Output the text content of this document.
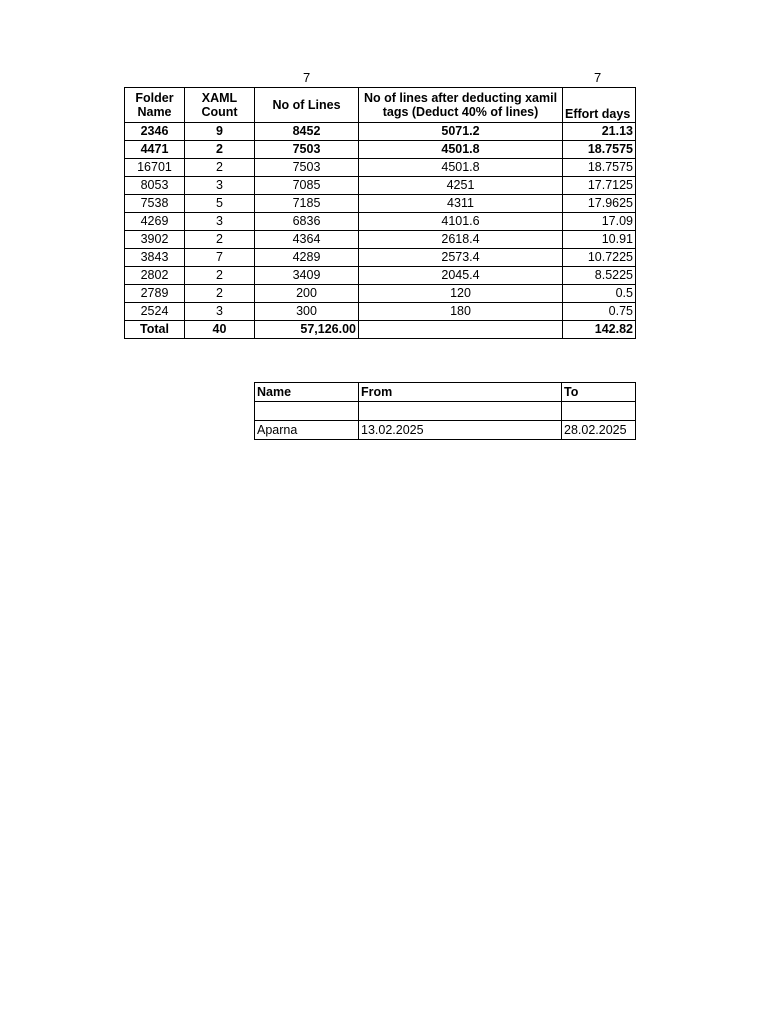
7	7
Folder Name	XAML Count	No of Lines	No of lines after deducting xamil tags (Deduct 40% of lines)	Effort days
2346	9	8452	5071.2	21.13
4471	2	7503	4501.8	18.7575
16701	2	7503	4501.8	18.7575
8053	3	7085	4251	17.7125
7538	5	7185	4311	17.9625
4269	3	6836	4101.6	17.09
3902	2	4364	2618.4	10.91
3843	7	4289	2573.4	10.7225
2802	2	3409	2045.4	8.5225
2789	2	200	120	0.5
2524	3	300	180	0.75
Total	40	57,126.00		142.82
Name	From	To

Aparna	13.02.2025	28.02.2025
